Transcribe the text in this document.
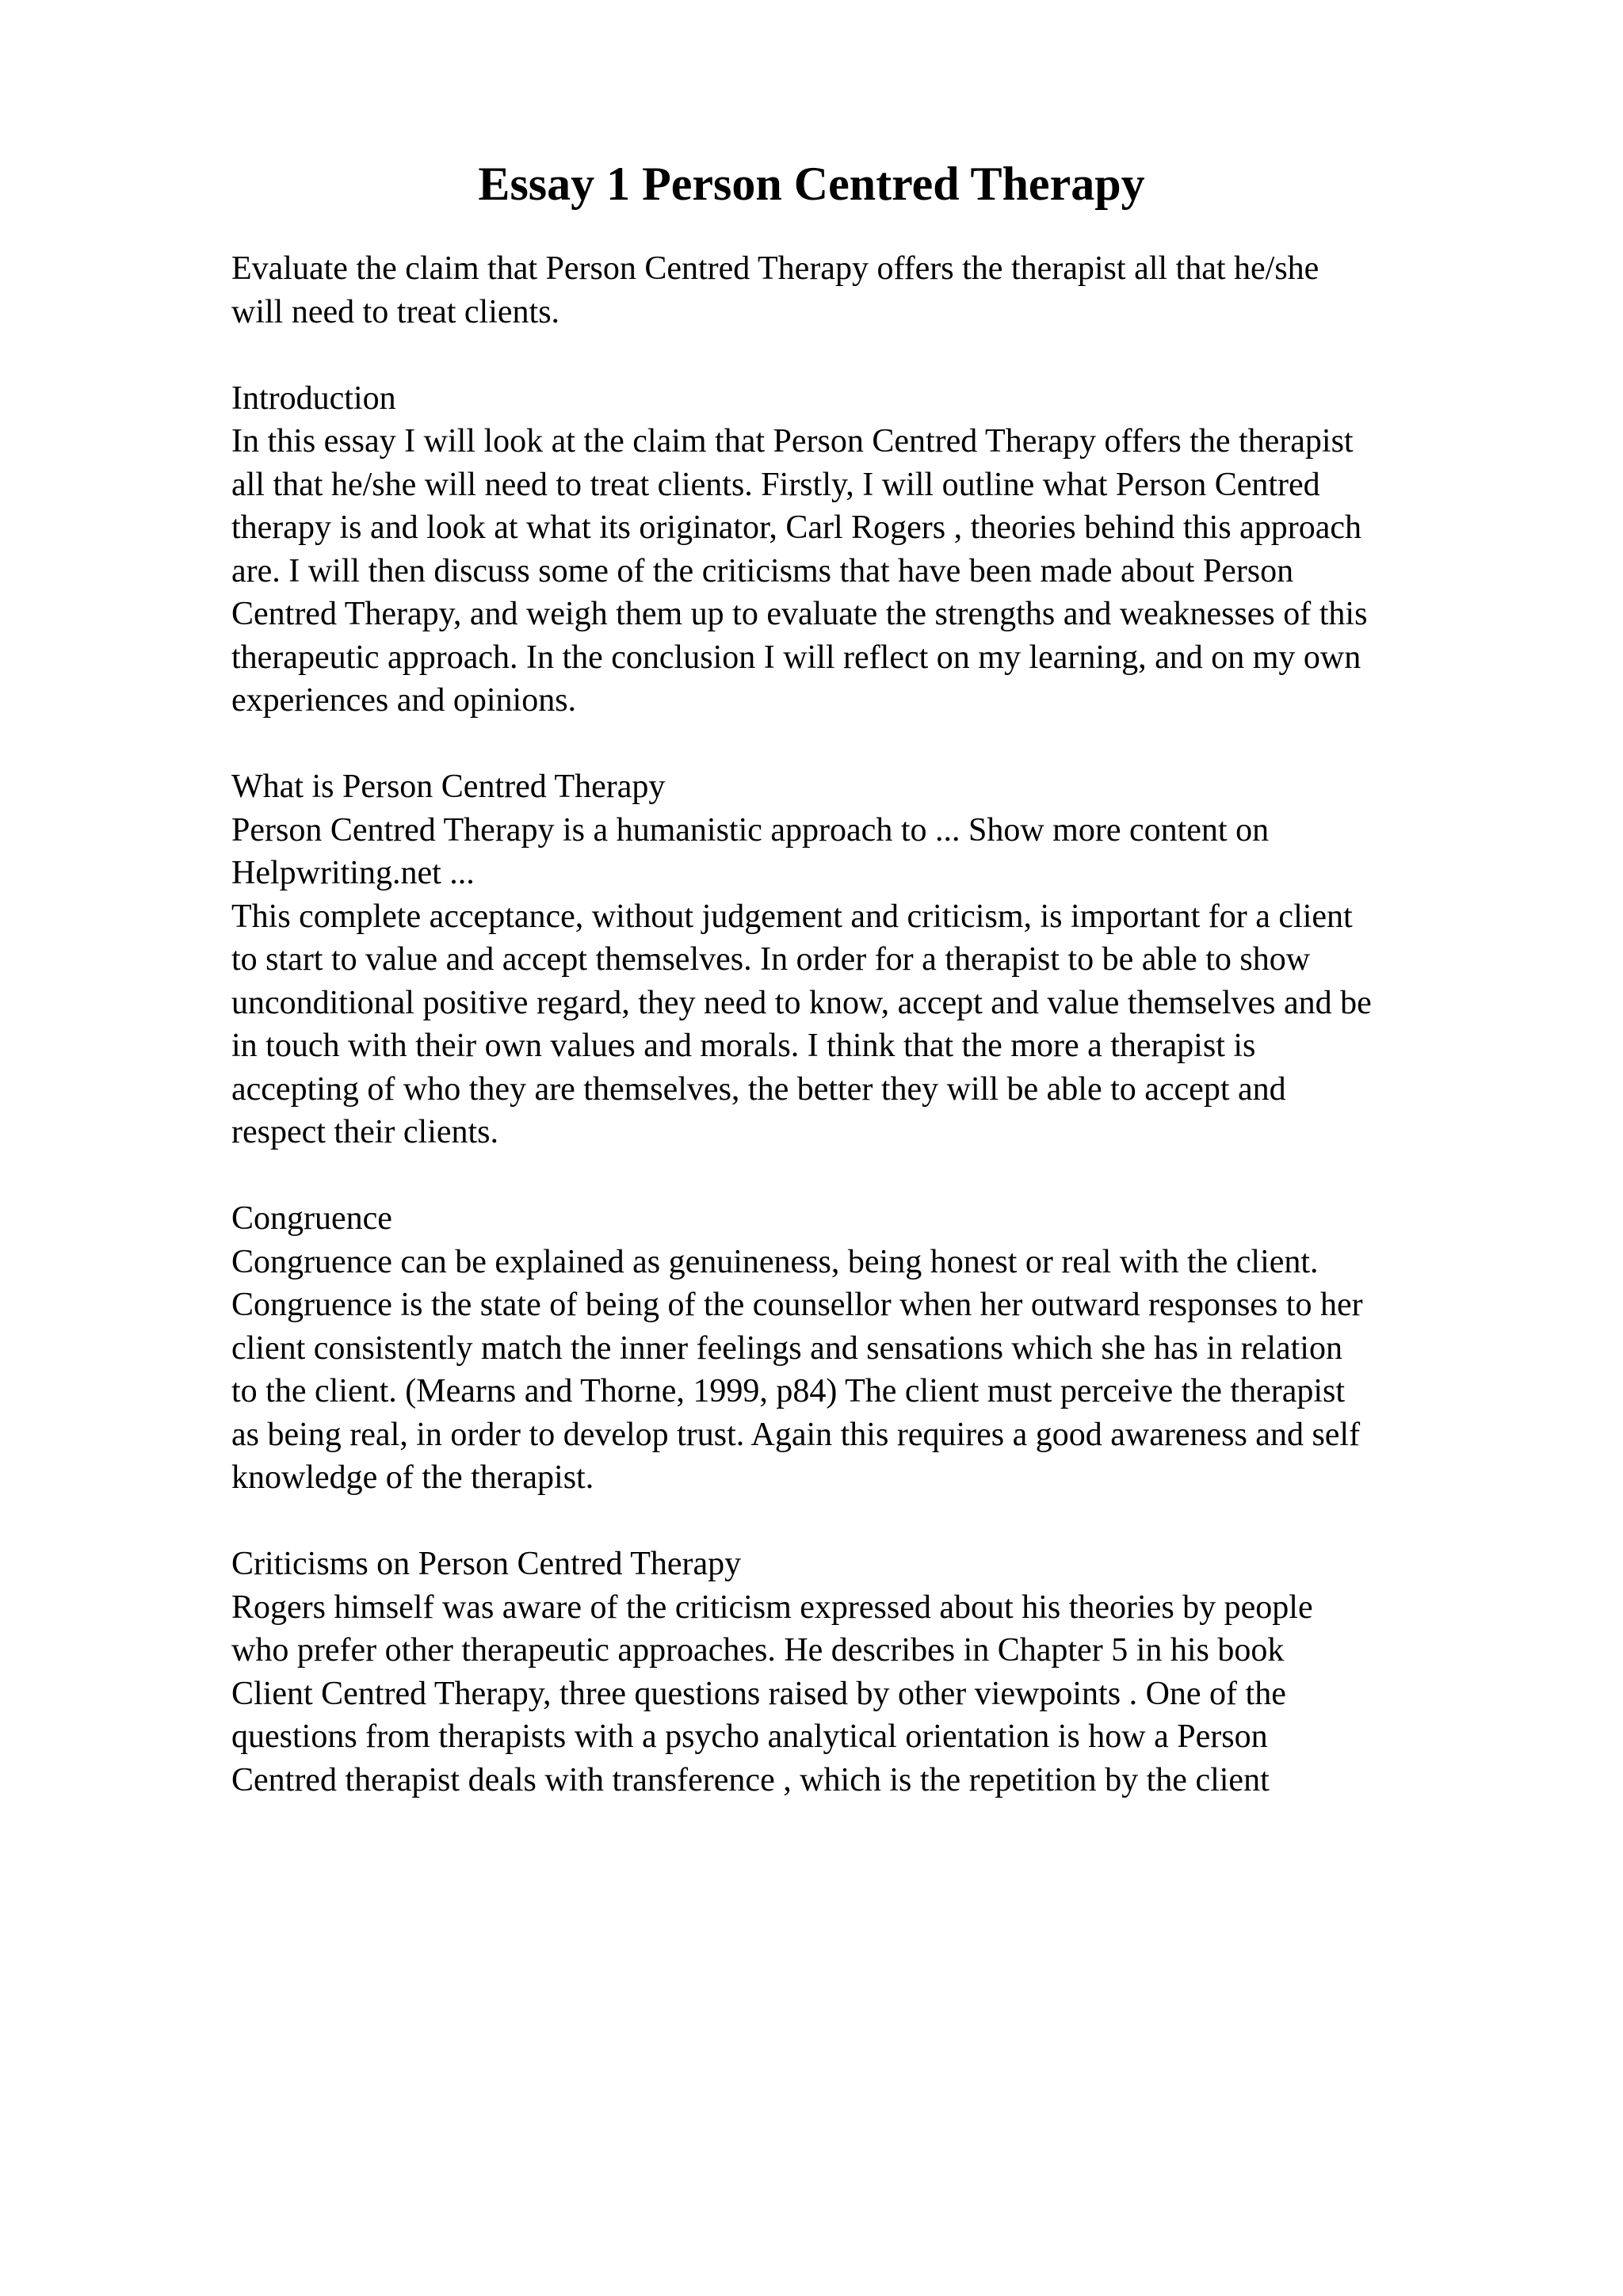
Essay 1 Person Centred Therapy
Evaluate the claim that Person Centred Therapy offers the therapist all that he/she
will need to treat clients.
Introduction
In this essay I will look at the claim that Person Centred Therapy offers the therapist
all that he/she will need to treat clients. Firstly, I will outline what Person Centred
therapy is and look at what its originator, Carl Rogers , theories behind this approach
are. I will then discuss some of the criticisms that have been made about Person
Centred Therapy, and weigh them up to evaluate the strengths and weaknesses of this
therapeutic approach. In the conclusion I will reflect on my learning, and on my own
experiences and opinions.
What is Person Centred Therapy
Person Centred Therapy is a humanistic approach to ... Show more content on
Helpwriting.net ...
This complete acceptance, without judgement and criticism, is important for a client
to start to value and accept themselves. In order for a therapist to be able to show
unconditional positive regard, they need to know, accept and value themselves and be
in touch with their own values and morals. I think that the more a therapist is
accepting of who they are themselves, the better they will be able to accept and
respect their clients.
Congruence
Congruence can be explained as genuineness, being honest or real with the client.
Congruence is the state of being of the counsellor when her outward responses to her
client consistently match the inner feelings and sensations which she has in relation
to the client. (Mearns and Thorne, 1999, p84) The client must perceive the therapist
as being real, in order to develop trust. Again this requires a good awareness and self
knowledge of the therapist.
Criticisms on Person Centred Therapy
Rogers himself was aware of the criticism expressed about his theories by people
who prefer other therapeutic approaches. He describes in Chapter 5 in his book
Client Centred Therapy, three questions raised by other viewpoints . One of the
questions from therapists with a psycho analytical orientation is how a Person
Centred therapist deals with transference , which is the repetition by the client
